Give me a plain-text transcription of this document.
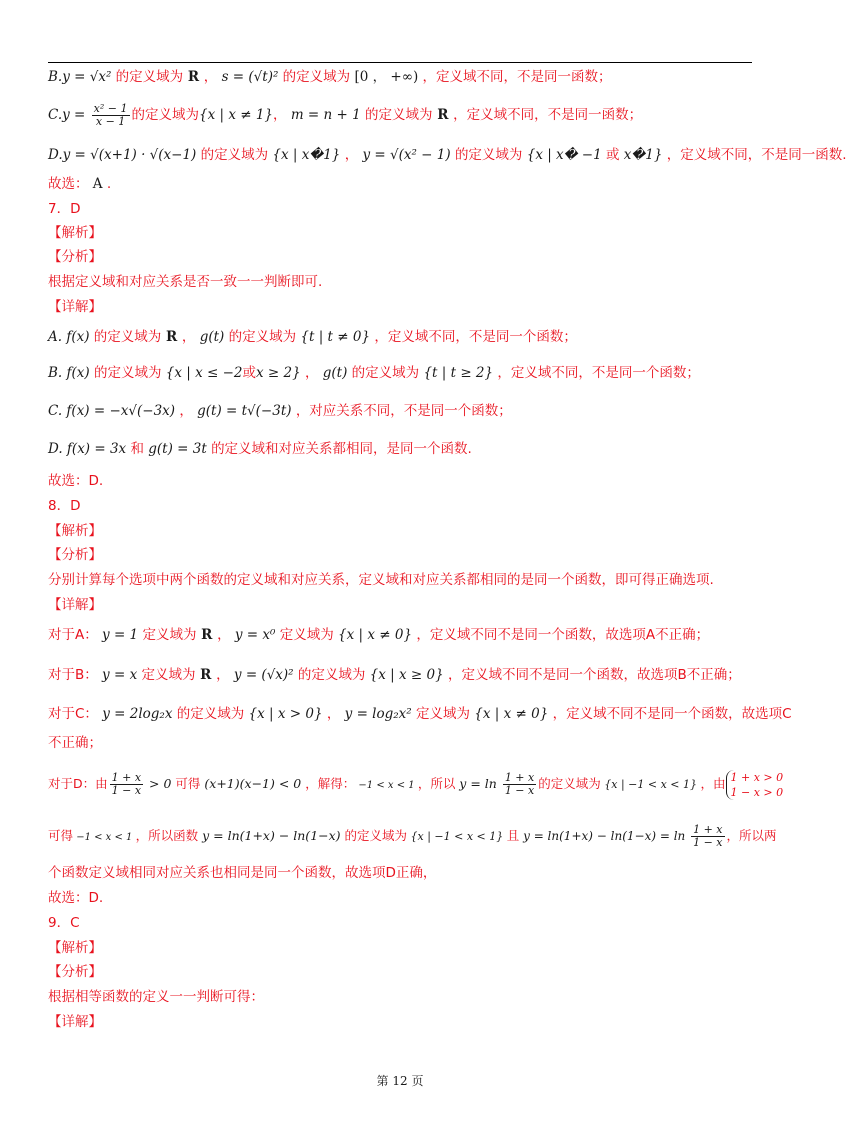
B.y = √x² 的定义域为 R ， s = (√t)² 的定义域为 [0 ， +∞) ，定义域不同，不是同一函数；
$C.y = \frac{\text{x² − 1}}{x - 1}$ 的定义域为{x | x ≠ 1}， m = n + 1 的定义域为 R ，定义域不同，不是同一函数；
D.y = √(x+1) · √(x−1) 的定义域为 {x | x�1} ， y = √(x² − 1) 的定义域为 {x | x� −1 或 x�1} ，定义域不同，不是同一函数.
故选： A .
7．D
【解析】
【分析】
根据定义域和对应关系是否一致一一判断即可.
【详解】
A. f(x) 的定义域为 R ， g(t) 的定义域为 {t | t ≠ 0} ，定义域不同，不是同一个函数；
B. f(x) 的定义域为 {x | x ≤ −2或x ≥ 2} ， g(t) 的定义域为 {t | t ≥ 2} ，定义域不同，不是同一个函数；
C. f(x) = −x√(−3x) ， g(t) = t√(−3t) ，对应关系不同，不是同一个函数；
D. f(x) = 3x 和 g(t) = 3t 的定义域和对应关系都相同，是同一个函数.
故选：D.
8．D
【解析】
【分析】
分别计算每个选项中两个函数的定义域和对应关系，定义域和对应关系都相同的是同一个函数，即可得正确选项.
【详解】
对于A： y = 1 定义域为 R ， y = x⁰ 定义域为 {x | x ≠ 0} ，定义域不同不是同一个函数，故选项A不正确；
对于B： y = x 定义域为 R ， y = (√x)² 的定义域为 {x | x ≥ 0} ，定义域不同不是同一个函数，故选项B不正确；
对于C： y = 2log₂x 的定义域为 {x | x > 0} ， y = log₂x² 定义域为 {x | x ≠ 0} ，定义域不同不是同一个函数，故选项C
不正确；
对于D：由 $\frac{1 + x}{1 - x} > 0$ 可得 (x+1)(x−1) < 0 ，解得： −1 < x < 1 ，所以 $y = \ln \frac{1 + x}{1 - x}$ 的定义域为 {x | −1 < x < 1} ，由 1 + x > 0
1 − x > 0
可得 −1 < x < 1 ，所以函数 y = ln(1+x) − ln(1−x) 的定义域为 {x | −1 < x < 1} 且 $y = \ln(1+x) - \ln(1-x) = \ln \frac{1 + x}{1 - x}$ ，所以两
个函数定义域相同对应关系也相同是同一个函数，故选项D正确，
故选：D.
9．C
【解析】
【分析】
根据相等函数的定义一一判断可得：
【详解】
第 12 页
